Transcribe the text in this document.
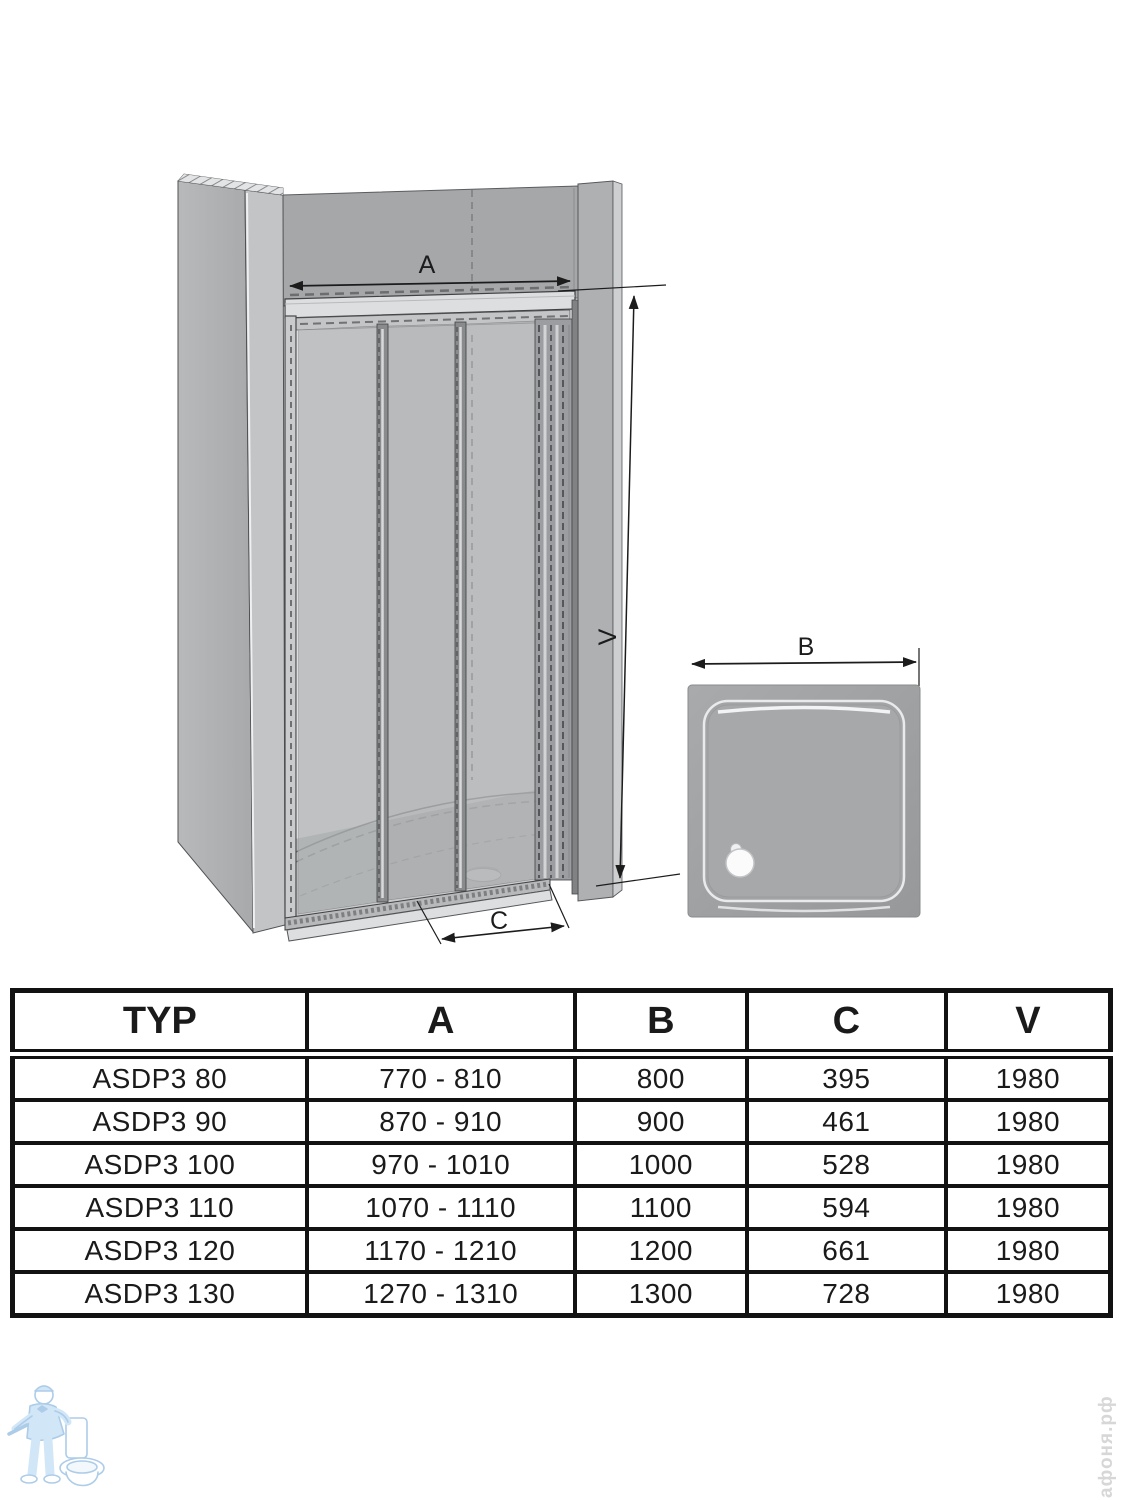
A
V
C
B
TYP	A	B	C	V
ASDP3 80	770 - 810	800	395	1980
ASDP3 90	870 - 910	900	461	1980
ASDP3 100	970 - 1010	1000	528	1980
ASDP3 110	1070 - 1110	1100	594	1980
ASDP3 120	1170 - 1210	1200	661	1980
ASDP3 130	1270 - 1310	1300	728	1980
афоня.рф
